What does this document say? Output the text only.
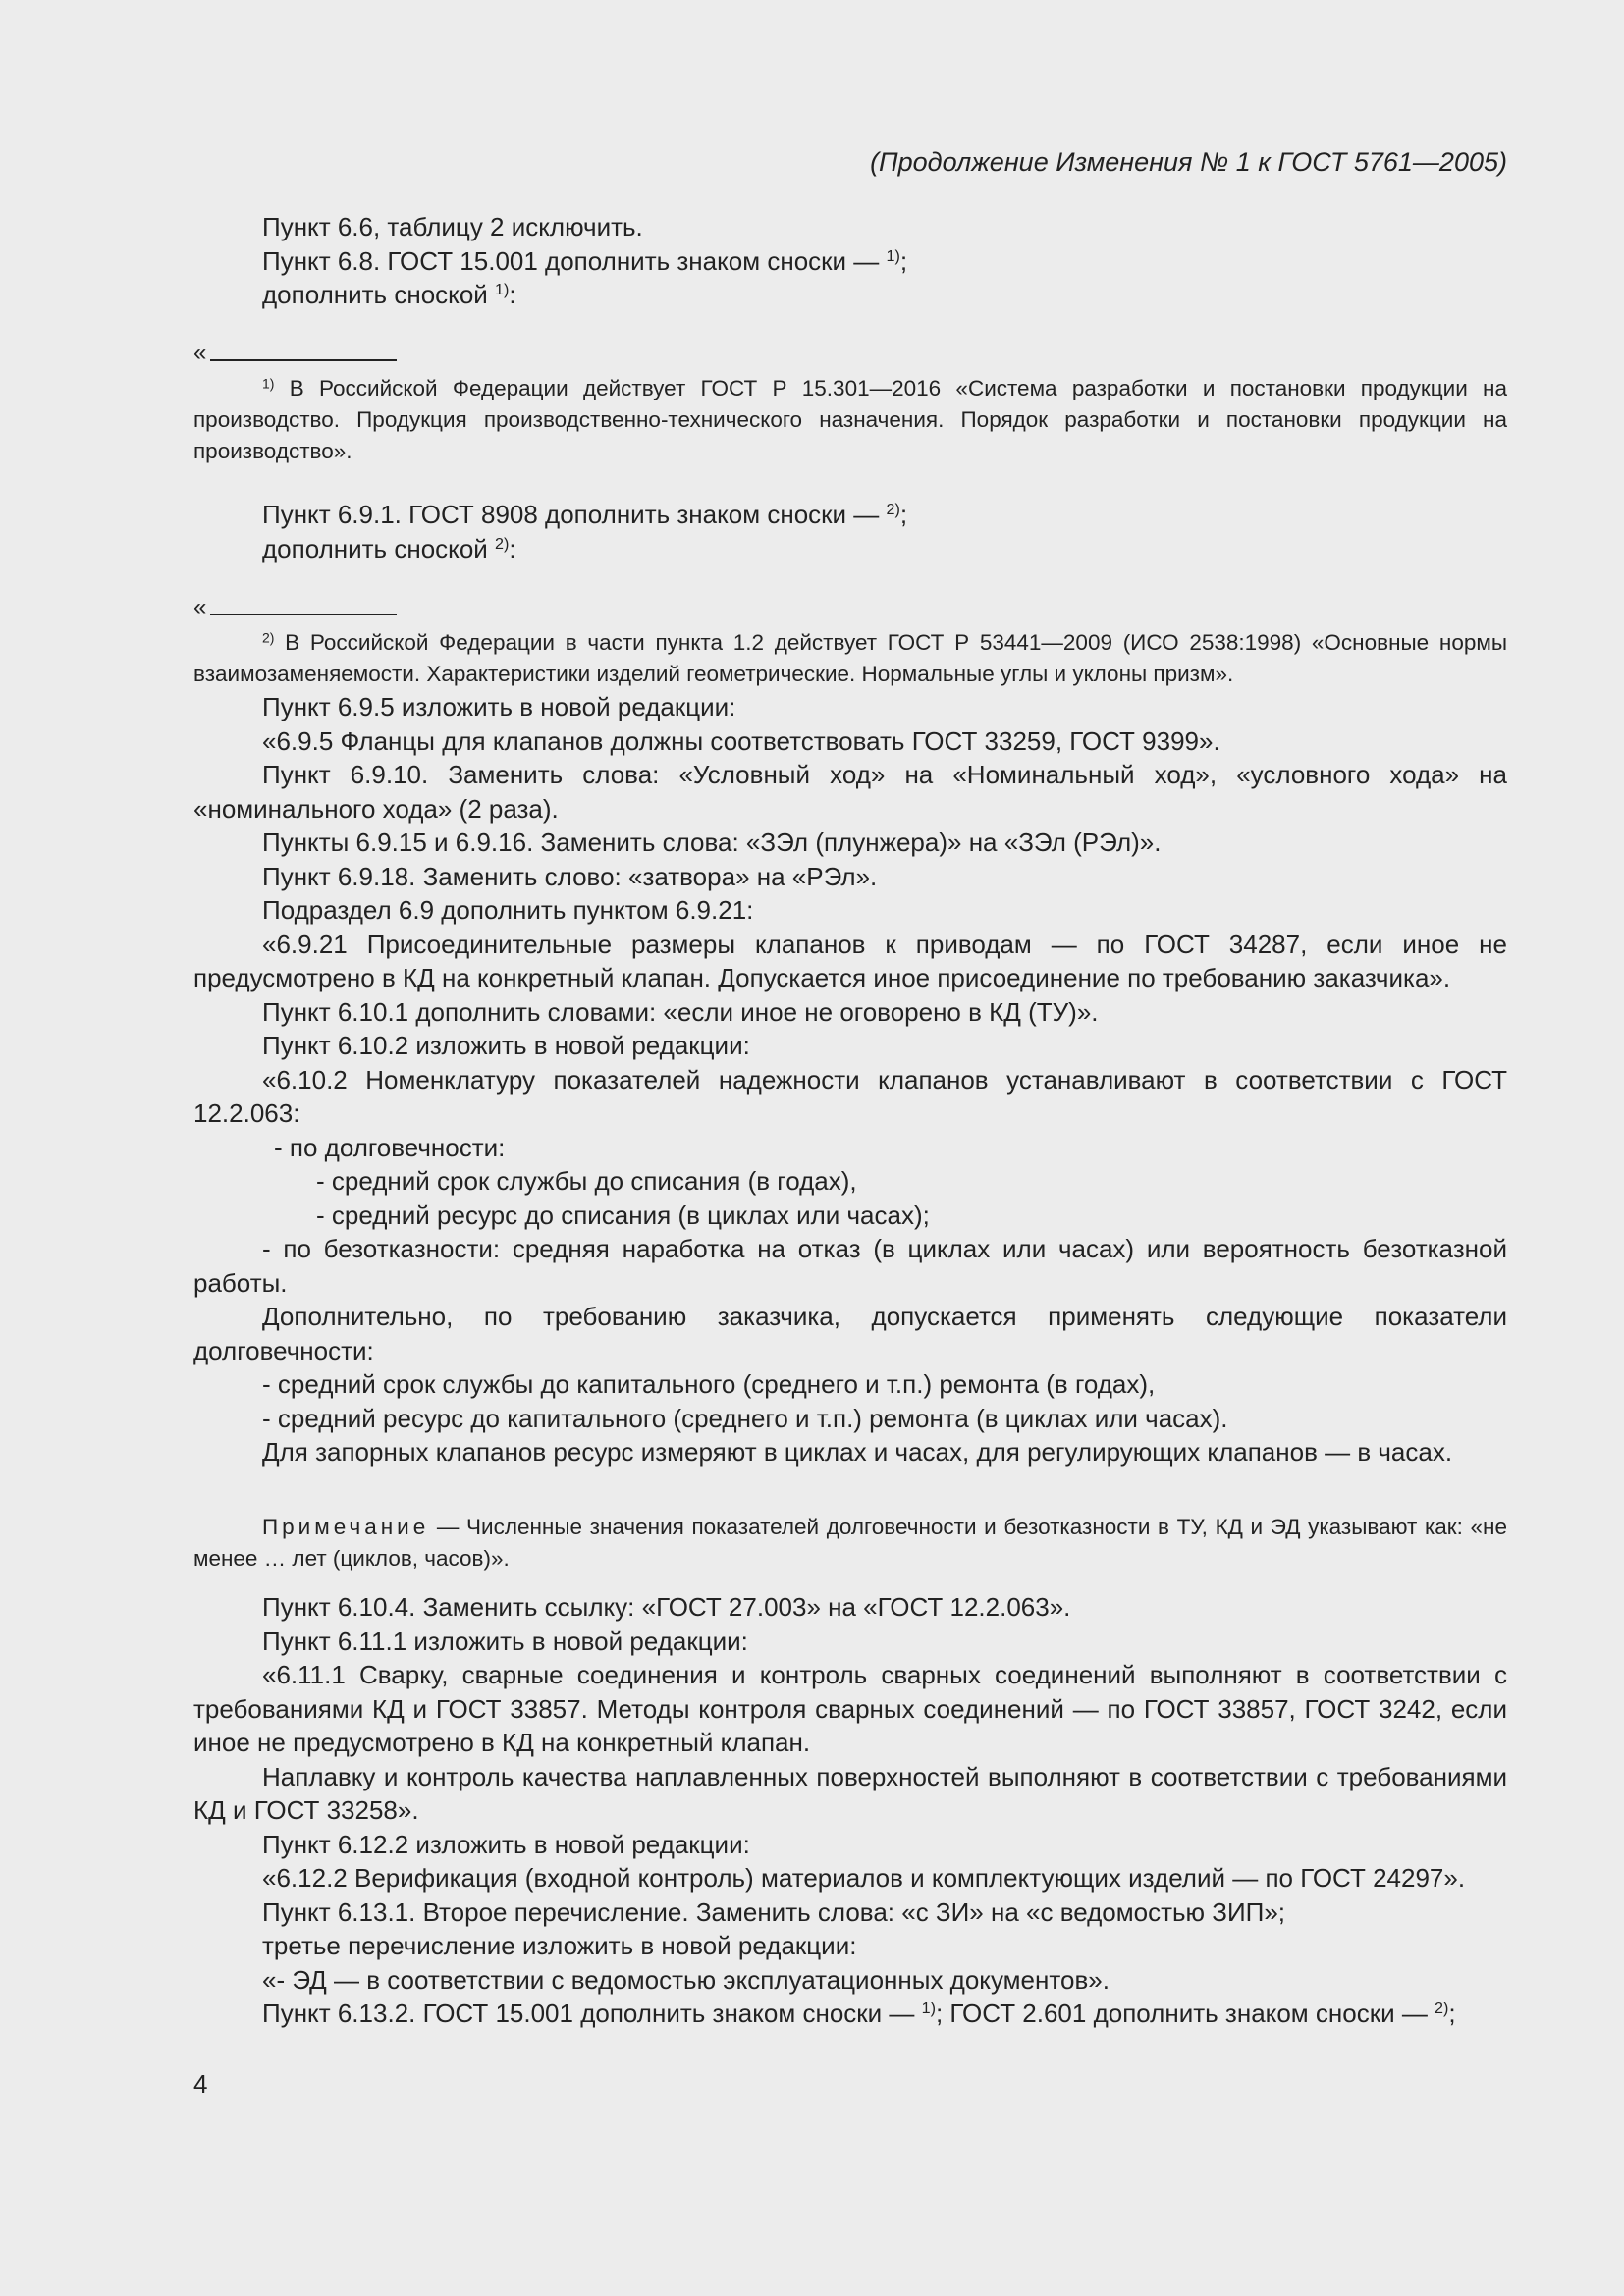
(Продолжение Изменения № 1 к ГОСТ 5761—2005)

Пункт 6.6, таблицу 2 исключить.

Пункт 6.8. ГОСТ 15.001 дополнить знаком сноски — $^{1)}$;

дополнить сноской $^{1)}$:

«

$^{1)}$ В Российской Федерации действует ГОСТ Р 15.301—2016 «Система разработки и постановки продукции на производство. Продукция производственно-технического назначения. Порядок разработки и постановки продукции на производство».

Пункт 6.9.1. ГОСТ 8908 дополнить знаком сноски — $^{2)}$;

дополнить сноской $^{2)}$:

«

$^{2)}$ В Российской Федерации в части пункта 1.2 действует ГОСТ Р 53441—2009 (ИСО 2538:1998) «Основные нормы взаимозаменяемости. Характеристики изделий геометрические. Нормальные углы и уклоны призм».

Пункт 6.9.5 изложить в новой редакции:

«6.9.5 Фланцы для клапанов должны соответствовать ГОСТ 33259, ГОСТ 9399».

Пункт 6.9.10. Заменить слова: «Условный ход» на «Номинальный ход», «условного хода» на «номинального хода» (2 раза).

Пункты 6.9.15 и 6.9.16. Заменить слова: «ЗЭл (плунжера)» на «ЗЭл (РЭл)».

Пункт 6.9.18. Заменить слово: «затвора» на «РЭл».

Подраздел 6.9 дополнить пунктом 6.9.21:

«6.9.21 Присоединительные размеры клапанов к приводам — по ГОСТ 34287, если иное не предусмотрено в КД на конкретный клапан. Допускается иное присоединение по требованию заказчика».

Пункт 6.10.1 дополнить словами: «если иное не оговорено в КД (ТУ)».

Пункт 6.10.2 изложить в новой редакции:

«6.10.2 Номенклатуру показателей надежности клапанов устанавливают в соответствии с ГОСТ 12.2.063:

- по долговечности:

- средний срок службы до списания (в годах),

- средний ресурс до списания (в циклах или часах);

- по безотказности: средняя наработка на отказ (в циклах или часах) или вероятность безотказной работы.

Дополнительно, по требованию заказчика, допускается применять следующие показатели долговечности:

- средний срок службы до капитального (среднего и т.п.) ремонта (в годах),

- средний ресурс до капитального (среднего и т.п.) ремонта (в циклах или часах).

Для запорных клапанов ресурс измеряют в циклах и часах, для регулирующих клапанов — в часах.

Примечание — Численные значения показателей долговечности и безотказности в ТУ, КД и ЭД указывают как: «не менее … лет (циклов, часов)».

Пункт 6.10.4. Заменить ссылку: «ГОСТ 27.003» на «ГОСТ 12.2.063».

Пункт 6.11.1 изложить в новой редакции:

«6.11.1 Сварку, сварные соединения и контроль сварных соединений выполняют в соответствии с требованиями КД и ГОСТ 33857. Методы контроля сварных соединений — по ГОСТ 33857, ГОСТ 3242, если иное не предусмотрено в КД на конкретный клапан.

Наплавку и контроль качества наплавленных поверхностей выполняют в соответствии с требованиями КД и ГОСТ 33258».

Пункт 6.12.2 изложить в новой редакции:

«6.12.2 Верификация (входной контроль) материалов и комплектующих изделий — по ГОСТ 24297».

Пункт 6.13.1. Второе перечисление. Заменить слова: «с ЗИ» на «с ведомостью ЗИП»;

третье перечисление изложить в новой редакции:

«- ЭД — в соответствии с ведомостью эксплуатационных документов».

Пункт 6.13.2. ГОСТ 15.001 дополнить знаком сноски — $^{1)}$; ГОСТ 2.601 дополнить знаком сноски — $^{2)}$;

4
